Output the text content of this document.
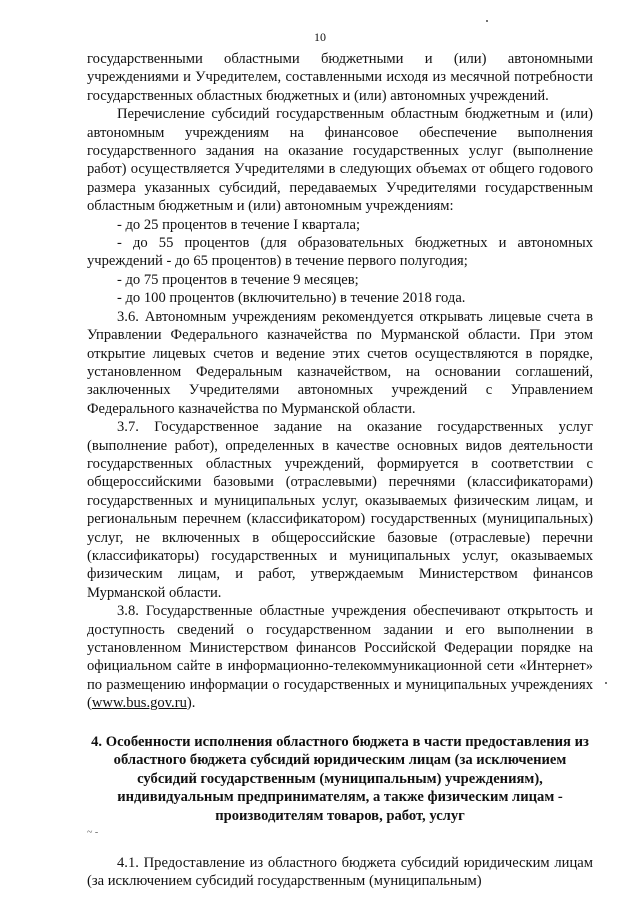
10
~ -

государственными областными бюджетными и (или) автономными учреждениями и Учредителем, составленными исходя из месячной потребности государственных областных бюджетных и (или) автономных учреждений.

Перечисление субсидий государственным областным бюджетным и (или) автономным учреждениям на финансовое обеспечение выполнения государственного задания на оказание государственных услуг (выполнение работ) осуществляется Учредителями в следующих объемах от общего годового размера указанных субсидий, передаваемых Учредителями государственным областным бюджетным и (или) автономным учреждениям:

- до 25 процентов в течение I квартала;

- до 55 процентов (для образовательных бюджетных и автономных учреждений - до 65 процентов) в течение первого полугодия;

- до 75 процентов в течение 9 месяцев;

- до 100 процентов (включительно) в течение 2018 года.

3.6. Автономным учреждениям рекомендуется открывать лицевые счета в Управлении Федерального казначейства по Мурманской области. При этом открытие лицевых счетов и ведение этих счетов осуществляются в порядке, установленном Федеральным казначейством, на основании соглашений, заключенных Учредителями автономных учреждений с Управлением Федерального казначейства по Мурманской области.

3.7. Государственное задание на оказание государственных услуг (выполнение работ), определенных в качестве основных видов деятельности государственных областных учреждений, формируется в соответствии с общероссийскими базовыми (отраслевыми) перечнями (классификаторами) государственных и муниципальных услуг, оказываемых физическим лицам, и региональным перечнем (классификатором) государственных (муниципальных) услуг, не включенных в общероссийские базовые (отраслевые) перечни (классификаторы) государственных и муниципальных услуг, оказываемых физическим лицам, и работ, утверждаемым Министерством финансов Мурманской области.

3.8. Государственные областные учреждения обеспечивают открытость и доступность сведений о государственном задании и его выполнении в установленном Министерством финансов Российской Федерации порядке на официальном сайте в информационно-телекоммуникационной сети «Интернет» по размещению информации о государственных и муниципальных учреждениях (www.bus.gov.ru).

4. Особенности исполнения областного бюджета в части предоставления из областного бюджета субсидий юридическим лицам (за исключением субсидий государственным (муниципальным) учреждениям), индивидуальным предпринимателям, а также физическим лицам - производителям товаров, работ, услуг

4.1. Предоставление из областного бюджета субсидий юридическим лицам (за исключением субсидий государственным (муниципальным)
